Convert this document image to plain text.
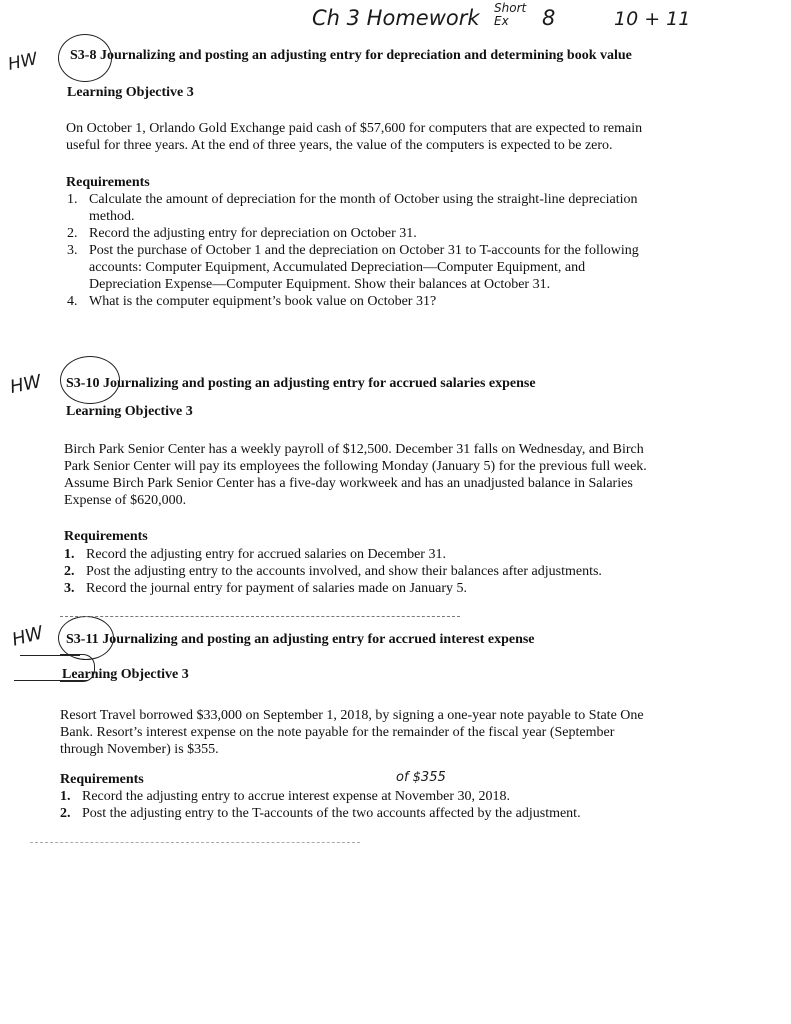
Ch 3 Homework Short Ex	8	10 + 11
HW
HW
HW
S3-8 Journalizing and posting an adjusting entry for depreciation and determining book value
Learning Objective 3
On October 1, Orlando Gold Exchange paid cash of $57,600 for computers that are expected to remain
useful for three years. At the end of three years, the value of the computers is expected to be zero.
Requirements
1. Calculate the amount of depreciation for the month of October using the straight-line depreciation
method.
2. Record the adjusting entry for depreciation on October 31.
3. Post the purchase of October 1 and the depreciation on October 31 to T-accounts for the following
accounts: Computer Equipment, Accumulated Depreciation—Computer Equipment, and
Depreciation Expense—Computer Equipment. Show their balances at October 31.
4. What is the computer equipment’s book value on October 31?
S3-10 Journalizing and posting an adjusting entry for accrued salaries expense
Learning Objective 3
Birch Park Senior Center has a weekly payroll of $12,500. December 31 falls on Wednesday, and Birch
Park Senior Center will pay its employees the following Monday (January 5) for the previous full week.
Assume Birch Park Senior Center has a five-day workweek and has an unadjusted balance in Salaries
Expense of $620,000.
Requirements
1. Record the adjusting entry for accrued salaries on December 31.
2. Post the adjusting entry to the accounts involved, and show their balances after adjustments.
3. Record the journal entry for payment of salaries made on January 5.
S3-11 Journalizing and posting an adjusting entry for accrued interest expense
Learning Objective 3
Resort Travel borrowed $33,000 on September 1, 2018, by signing a one-year note payable to State One
Bank. Resort’s interest expense on the note payable for the remainder of the fiscal year (September
through November) is $355.
Requirements	of $355
1. Record the adjusting entry to accrue interest expense at November 30, 2018.
2. Post the adjusting entry to the T-accounts of the two accounts affected by the adjustment.
